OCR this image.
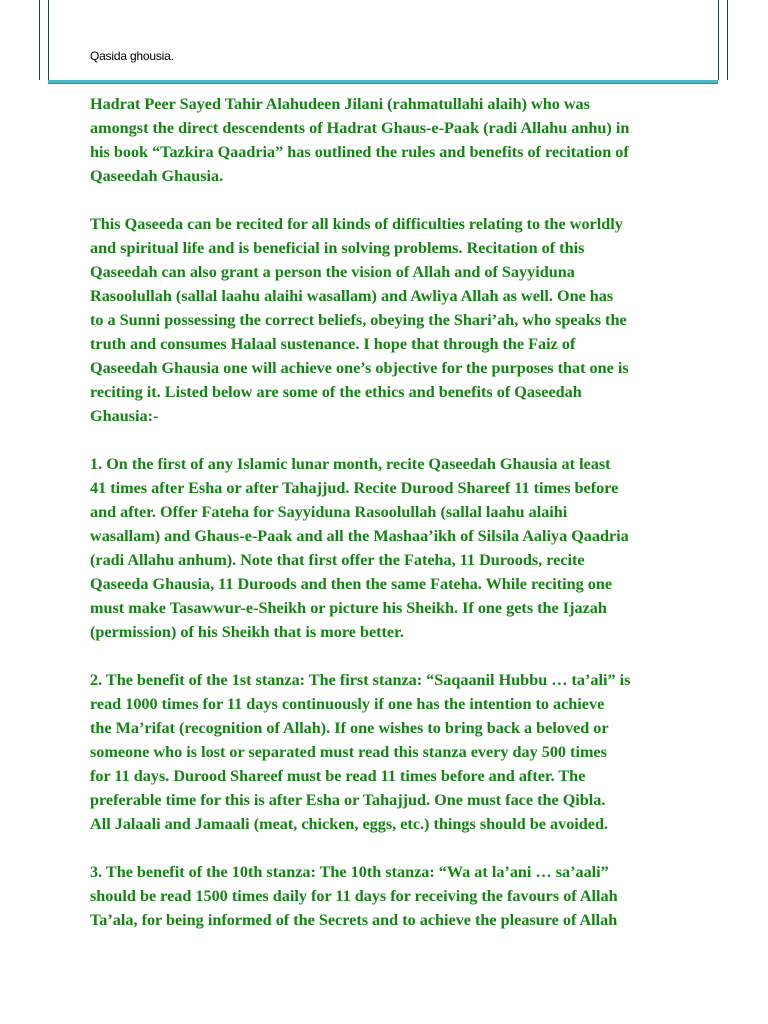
Qasida ghousia.

Hadrat Peer Sayed Tahir Alahudeen Jilani (rahmatullahi alaih) who was
amongst the direct descendents of Hadrat Ghaus-e-Paak (radi Allahu anhu) in
his book “Tazkira Qaadria” has outlined the rules and benefits of recitation of
Qaseedah Ghausia.

This Qaseeda can be recited for all kinds of difficulties relating to the worldly
and spiritual life and is beneficial in solving problems. Recitation of this
Qaseedah can also grant a person the vision of Allah and of Sayyiduna
Rasoolullah (sallal laahu alaihi wasallam) and Awliya Allah as well. One has
to a Sunni possessing the correct beliefs, obeying the Shari’ah, who speaks the
truth and consumes Halaal sustenance. I hope that through the Faiz of
Qaseedah Ghausia one will achieve one’s objective for the purposes that one is
reciting it. Listed below are some of the ethics and benefits of Qaseedah
Ghausia:-

1. On the first of any Islamic lunar month, recite Qaseedah Ghausia at least
41 times after Esha or after Tahajjud. Recite Durood Shareef 11 times before
and after. Offer Fateha for Sayyiduna Rasoolullah (sallal laahu alaihi
wasallam) and Ghaus-e-Paak and all the Mashaa’ikh of Silsila Aaliya Qaadria
(radi Allahu anhum). Note that first offer the Fateha, 11 Duroods, recite
Qaseeda Ghausia, 11 Duroods and then the same Fateha. While reciting one
must make Tasawwur-e-Sheikh or picture his Sheikh. If one gets the Ijazah
(permission) of his Sheikh that is more better.

2. The benefit of the 1st stanza: The first stanza: “Saqaanil Hubbu … ta’ali” is
read 1000 times for 11 days continuously if one has the intention to achieve
the Ma’rifat (recognition of Allah). If one wishes to bring back a beloved or
someone who is lost or separated must read this stanza every day 500 times
for 11 days. Durood Shareef must be read 11 times before and after. The
preferable time for this is after Esha or Tahajjud. One must face the Qibla.
All Jalaali and Jamaali (meat, chicken, eggs, etc.) things should be avoided.

3. The benefit of the 10th stanza: The 10th stanza: “Wa at la’ani … sa’aali”
should be read 1500 times daily for 11 days for receiving the favours of Allah
Ta’ala, for being informed of the Secrets and to achieve the pleasure of Allah
